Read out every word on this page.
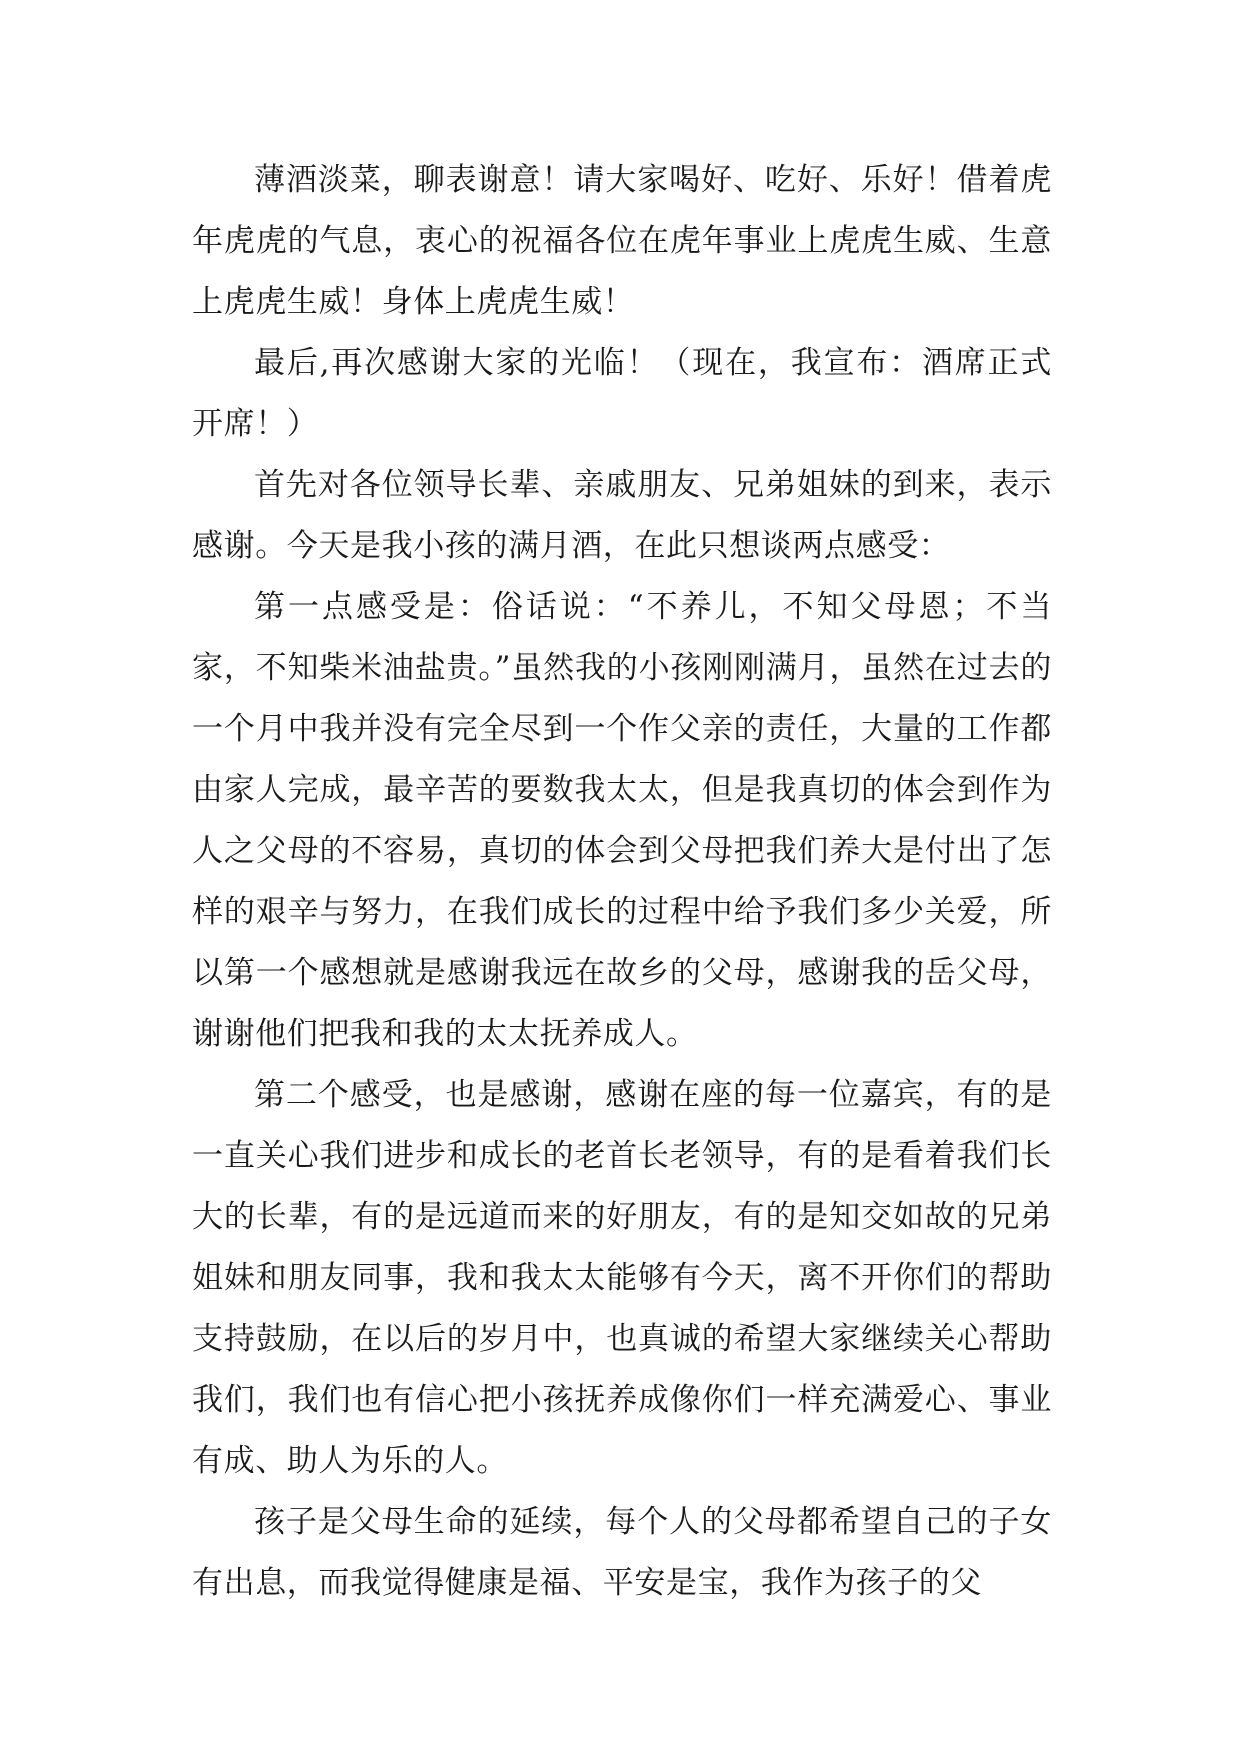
薄酒淡菜，聊表谢意！请大家喝好、吃好、乐好！借着虎年虎虎的气息，衷心的祝福各位在虎年事业上虎虎生威、生意上虎虎生威！身体上虎虎生威！

最后,再次感谢大家的光临！（现在，我宣布：酒席正式开席！）

首先对各位领导长辈、亲戚朋友、兄弟姐妹的到来，表示感谢。今天是我小孩的满月酒，在此只想谈两点感受：

第一点感受是：俗话说：“不养儿，不知父母恩；不当家，不知柴米油盐贵。”虽然我的小孩刚刚满月，虽然在过去的一个月中我并没有完全尽到一个作父亲的责任，大量的工作都由家人完成，最辛苦的要数我太太，但是我真切的体会到作为人之父母的不容易，真切的体会到父母把我们养大是付出了怎样的艰辛与努力，在我们成长的过程中给予我们多少关爱，所以第一个感想就是感谢我远在故乡的父母，感谢我的岳父母，谢谢他们把我和我的太太抚养成人。

第二个感受，也是感谢，感谢在座的每一位嘉宾，有的是一直关心我们进步和成长的老首长老领导，有的是看着我们长大的长辈，有的是远道而来的好朋友，有的是知交如故的兄弟姐妹和朋友同事，我和我太太能够有今天，离不开你们的帮助支持鼓励，在以后的岁月中，也真诚的希望大家继续关心帮助我们，我们也有信心把小孩抚养成像你们一样充满爱心、事业有成、助人为乐的人。

孩子是父母生命的延续，每个人的父母都希望自己的子女有出息，而我觉得健康是福、平安是宝，我作为孩子的父
